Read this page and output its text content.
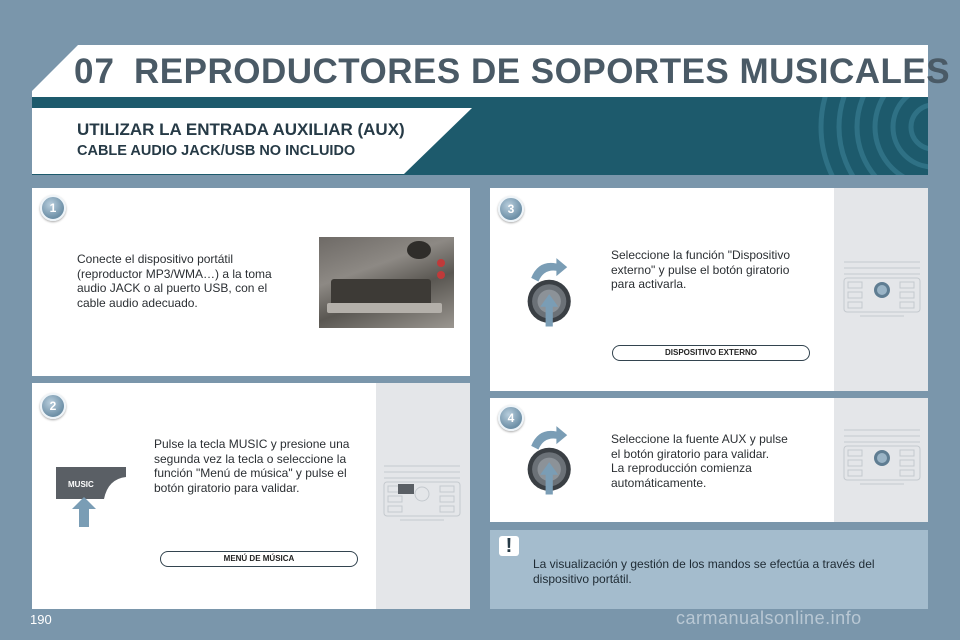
07 REPRODUCTORES DE SOPORTES MUSICALES
UTILIZAR LA ENTRADA AUXILIAR (AUX)
CABLE AUDIO JACK/USB NO INCLUIDO
1
Conecte el dispositivo portátil
(reproductor MP3/WMA…) a la toma
audio JACK o al puerto USB, con el
cable audio adecuado.
2
Pulse la tecla MUSIC y presione una
segunda vez la tecla o seleccione la
función "Menú de música" y pulse el
botón giratorio para validar.
MUSIC
MENÚ DE MÚSICA
3
Seleccione la función "Dispositivo
externo" y pulse el botón giratorio
para activarla.
DISPOSITIVO EXTERNO
4
Seleccione la fuente AUX y pulse
el botón giratorio para validar.
La reproducción comienza
automáticamente.
!
La visualización y gestión de los mandos se efectúa a través del
dispositivo portátil.
190	carmanualsonline.info
